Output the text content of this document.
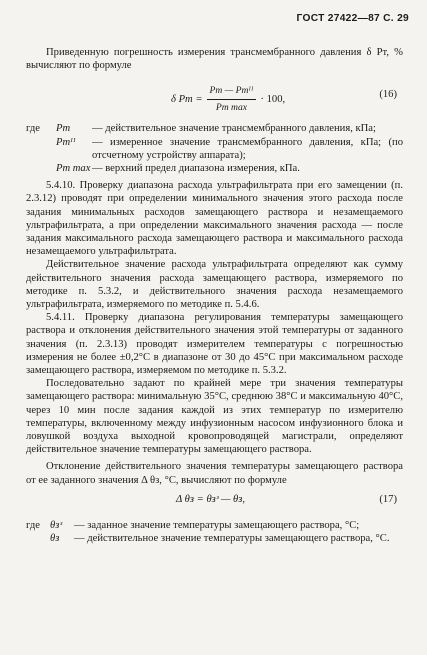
ГОСТ 27422—87 С. 29

Приведенную погрешность измерения трансмембранного давления δ Pт, % вычисляют по формуле

δ Pт =
Pт — Pтᴵᴵ
Pт max
· 100,	(16)
где Pт	— действительное значение трансмембранного давления, кПа;
Pтᴵᴵ	— измеренное значение трансмембранного давления, кПа; (по отсчетному устройству аппарата);
Pт max — верхний предел диапазона измерения, кПа.

5.4.10. Проверку диапазона расхода ультрафильтрата при его замещении (п. 2.3.12) проводят при определении минимального значения этого расхода после задания минимальных расходов замещающего раствора и незамещаемого ультрафильтрата, а при определении максимального значения расхода — после задания максимального расхода замещающего раствора и максимального расхода незамещаемого ультрафильтрата.

Действительное значение расхода ультрафильтрата определяют как сумму действительного значения расхода замещающего раствора, измеряемого по методике п. 5.3.2, и действительного значения расхода незамещаемого ультрафильтрата, измеряемого по методике п. 5.4.6.

5.4.11. Проверку диапазона регулирования температуры замещающего раствора и отклонения действительного значения этой температуры от заданного значения (п. 2.3.13) проводят измерителем температуры с погрешностью измерения не более ±0,2°С в диапазоне от 30 до 45°С при максимальном расходе замещающего раствора, измеряемом по методике п. 5.3.2.

Последовательно задают по крайней мере три значения температуры замещающего раствора: минимальную 35°С, среднюю 38°С и максимальную 40°С, через 10 мин после задания каждой из этих температур по измерителю температуры, включенному между инфузионным насосом инфузионного блока и ловушкой воздуха выходной кровопроводящей магистрали, определяют действительное значение температуры замещающего раствора.

Отклонение действительного значения температуры замещающего раствора от ее заданного значения Δ θз, °С, вычисляют по формуле

Δ θз = θзᶟ — θз,	(17)
где θзᶟ	— заданное значение температуры замещающего раствора, °С;
θз	— действительное значение температуры замещающего раствора, °С.
